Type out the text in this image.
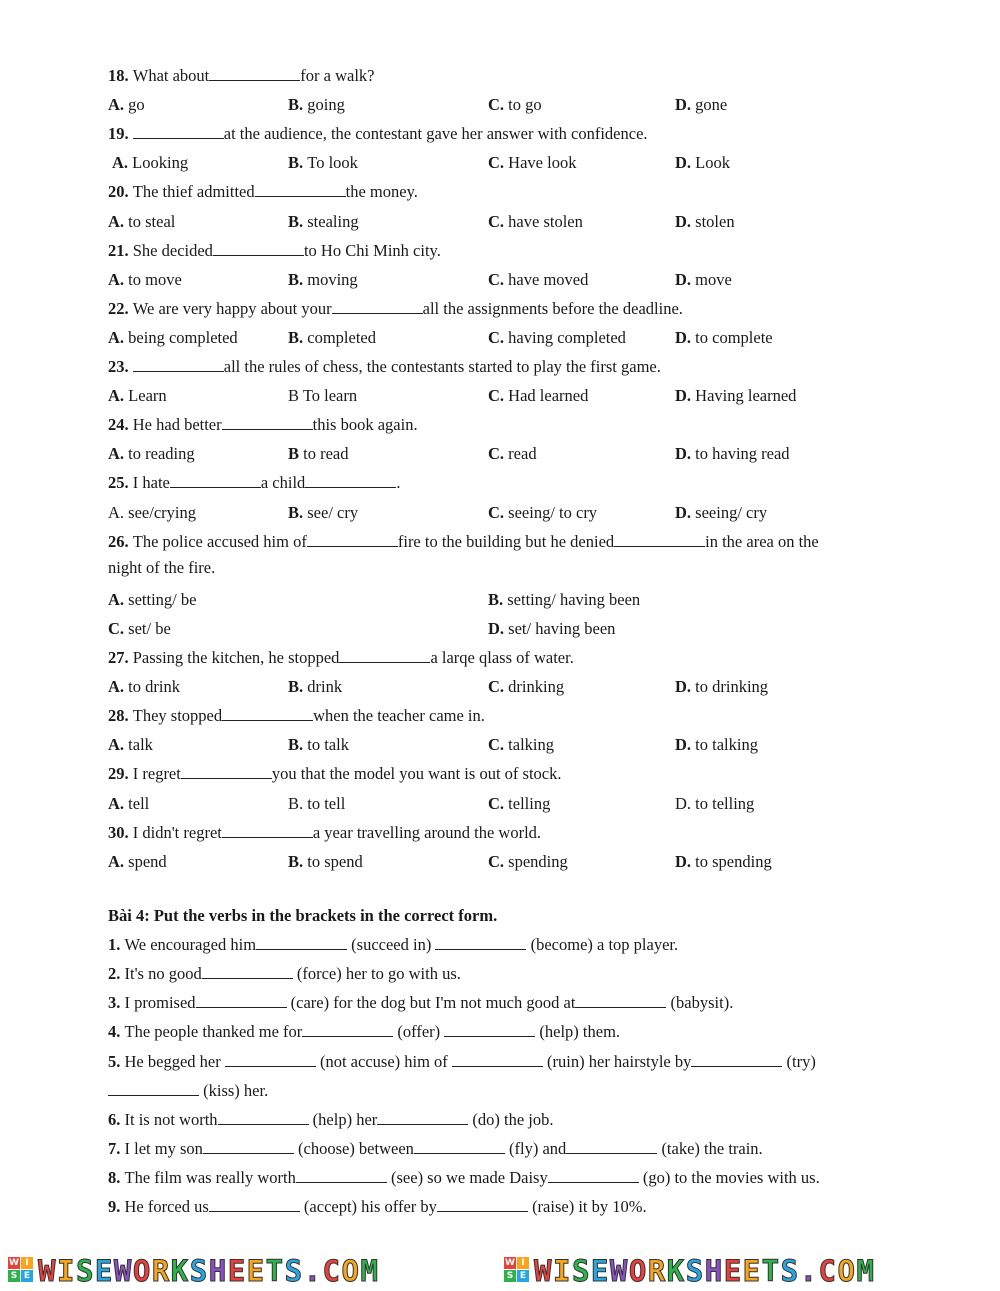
18. What about	for a walk?
A. go	B. going	C. to go	D. gone
19.	at the audience, the contestant gave her answer with confidence.
A. Looking	B. To look	C. Have look	D. Look
20. The thief admitted	the money.
A. to steal	B. stealing	C. have stolen	D. stolen
21. She decided	to Ho Chi Minh city.
A. to move	B. moving	C. have moved	D. move
22. We are very happy about your	all the assignments before the deadline.
A. being completed	B. completed	C. having completed	D. to complete
23.	all the rules of chess, the contestants started to play the first game.
A. Learn	B To learn	C. Had learned	D. Having learned
24. He had better	this book again.
A. to reading	B to read	C. read	D. to having read
25. I hate	a child	.
A. see/crying	B. see/ cry	C. seeing/ to cry	D. seeing/ cry
26. The police accused him of	fire to the building but he denied	in the area on the
night of the fire.
A. setting/ be	B. setting/ having been
C. set/ be	D. set/ having been
27. Passing the kitchen, he stopped	a larqe qlass of water.
A. to drink	B. drink	C. drinking	D. to drinking
28. They stopped	when the teacher came in.
A. talk	B. to talk	C. talking	D. to talking
29. I regret	you that the model you want is out of stock.
A. tell	B. to tell	C. telling	D. to telling
30. I didn't regret	a year travelling around the world.
A. spend	B. to spend	C. spending	D. to spending
Bài 4: Put the verbs in the brackets in the correct form.
1. We encouraged him	(succeed in)	(become) a top player.
2. It's no good	(force) her to go with us.
3. I promised	(care) for the dog but I'm not much good at	(babysit).
4. The people thanked me for	(offer)	(help) them.
5. He begged her	(not accuse) him of	(ruin) her hairstyle by	(try)
(kiss) her.
6. It is not worth	(help) her	(do) the job.
7. I let my son	(choose) between	(fly) and	(take) the train.
8. The film was really worth	(see) so we made Daisy	(go) to the movies with us.
9. He forced us	(accept) his offer by	(raise) it by 10%.
W I
S E WISEWORKSHEETS.COM	W I
S E WISEWORKSHEETS.COM
